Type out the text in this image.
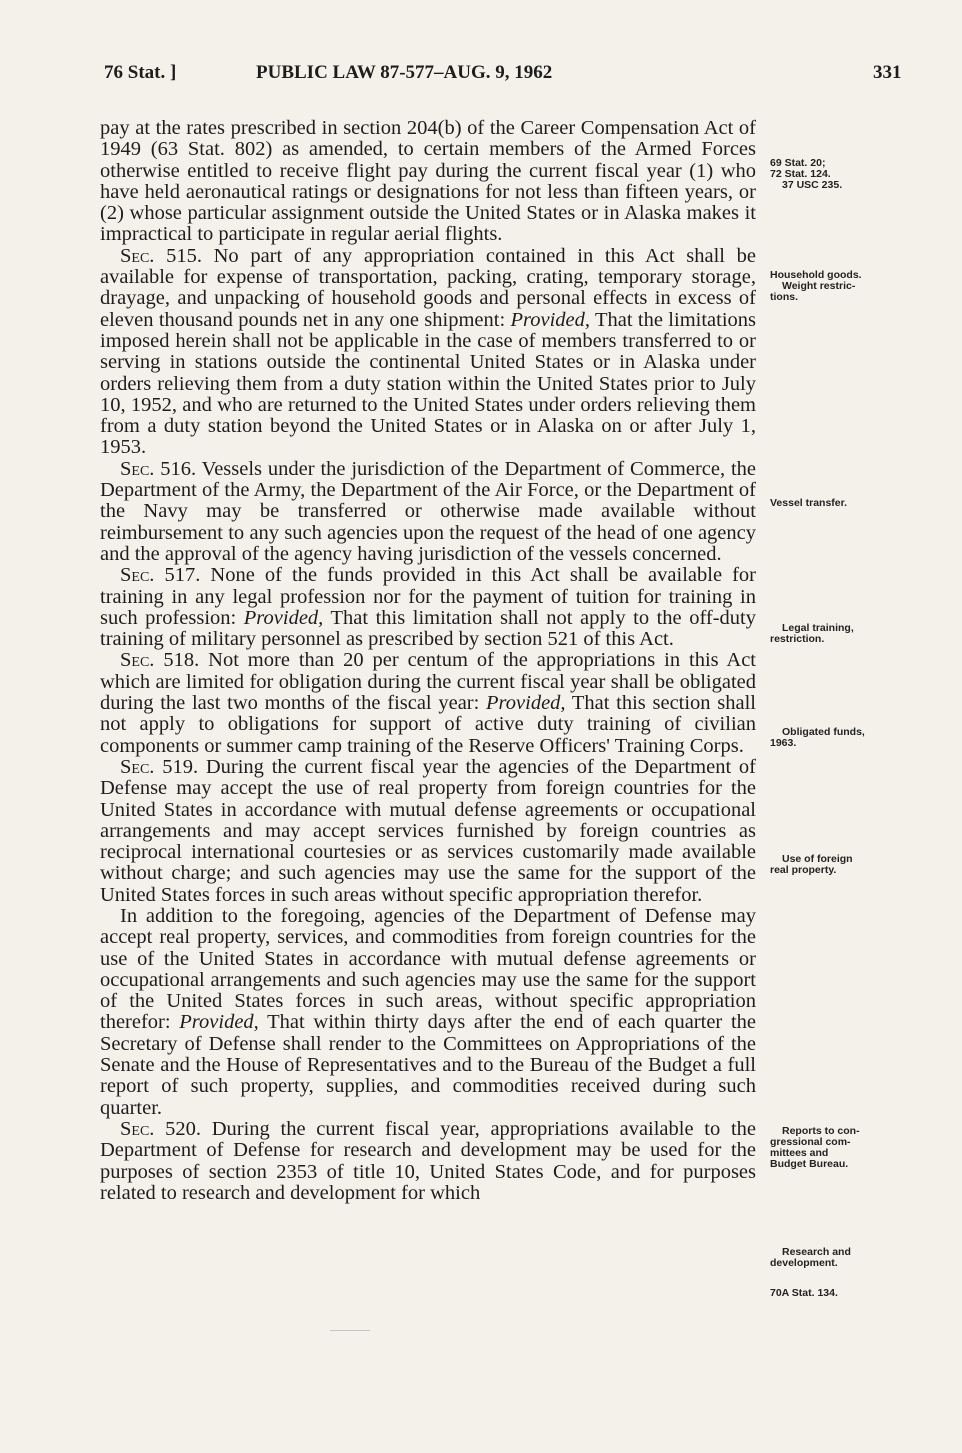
76 Stat. ]	PUBLIC LAW 87-577–AUG. 9, 1962	331

pay at the rates prescribed in section 204(b) of the Career Compensation Act of 1949 (63 Stat. 802) as amended, to certain members of the Armed Forces otherwise entitled to receive flight pay during the current fiscal year (1) who have held aeronautical ratings or designations for not less than fifteen years, or (2) whose particular assignment outside the United States or in Alaska makes it impractical to participate in regular aerial flights.

Sec. 515. No part of any appropriation contained in this Act shall be available for expense of transportation, packing, crating, temporary storage, drayage, and unpacking of household goods and personal effects in excess of eleven thousand pounds net in any one shipment: Provided, That the limitations imposed herein shall not be applicable in the case of members transferred to or serving in stations outside the continental United States or in Alaska under orders relieving them from a duty station within the United States prior to July 10, 1952, and who are returned to the United States under orders relieving them from a duty station beyond the United States or in Alaska on or after July 1, 1953.

Sec. 516. Vessels under the jurisdiction of the Department of Commerce, the Department of the Army, the Department of the Air Force, or the Department of the Navy may be transferred or otherwise made available without reimbursement to any such agencies upon the request of the head of one agency and the approval of the agency having jurisdiction of the vessels concerned.

Sec. 517. None of the funds provided in this Act shall be available for training in any legal profession nor for the payment of tuition for training in such profession: Provided, That this limitation shall not apply to the off-duty training of military personnel as prescribed by section 521 of this Act.

Sec. 518. Not more than 20 per centum of the appropriations in this Act which are limited for obligation during the current fiscal year shall be obligated during the last two months of the fiscal year: Provided, That this section shall not apply to obligations for support of active duty training of civilian components or summer camp training of the Reserve Officers' Training Corps.

Sec. 519. During the current fiscal year the agencies of the Department of Defense may accept the use of real property from foreign countries for the United States in accordance with mutual defense agreements or occupational arrangements and may accept services furnished by foreign countries as reciprocal international courtesies or as services customarily made available without charge; and such agencies may use the same for the support of the United States forces in such areas without specific appropriation therefor.

In addition to the foregoing, agencies of the Department of Defense may accept real property, services, and commodities from foreign countries for the use of the United States in accordance with mutual defense agreements or occupational arrangements and such agencies may use the same for the support of the United States forces in such areas, without specific appropriation therefor: Provided, That within thirty days after the end of each quarter the Secretary of Defense shall render to the Committees on Appropriations of the Senate and the House of Representatives and to the Bureau of the Budget a full report of such property, supplies, and commodities received during such quarter.

Sec. 520. During the current fiscal year, appropriations available to the Department of Defense for research and development may be used for the purposes of section 2353 of title 10, United States Code, and for purposes related to research and development for which

69 Stat. 20;
72 Stat. 124.
37 USC 235.
Household goods.
Weight restric-
tions.
Vessel transfer.
Legal training,
restriction.
Obligated funds,
1963.
Use of foreign
real property.
Reports to con-
gressional com-
mittees and
Budget Bureau.
Research and
development.
70A Stat. 134.
